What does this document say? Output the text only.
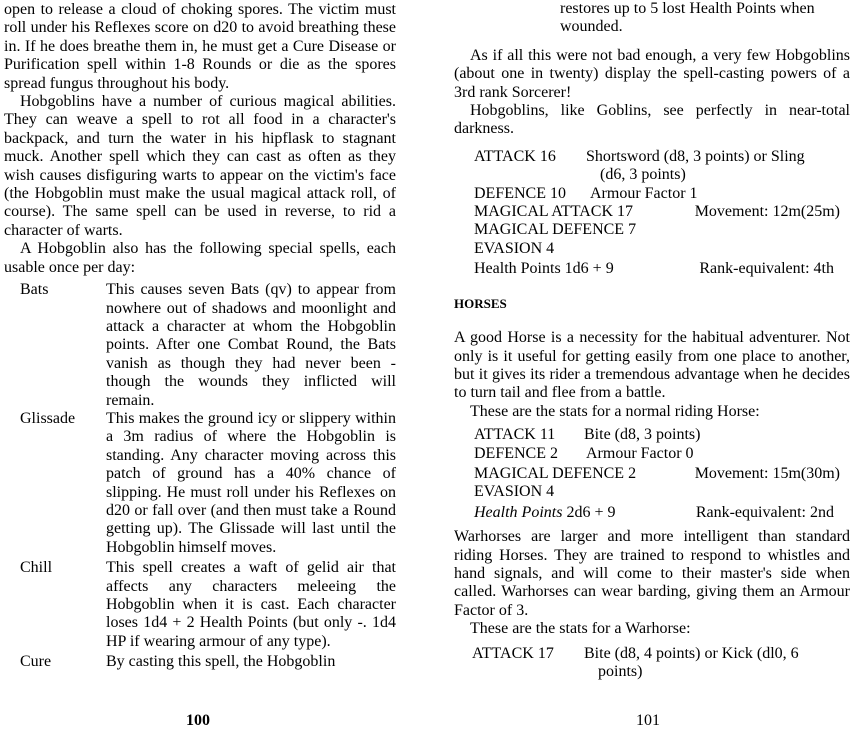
open to release a cloud of choking spores. The victim must roll under his Reflexes score on d20 to avoid breathing these in. If he does breathe them in, he must get a Cure Disease or Purification spell within 1-8 Rounds or die as the spores spread fungus throughout his body.

Hobgoblins have a number of curious magical abilities. They can weave a spell to rot all food in a character's backpack, and turn the water in his hipflask to stagnant muck. Another spell which they can cast as often as they wish causes disfiguring warts to appear on the victim's face (the Hobgoblin must make the usual magical attack roll, of course). The same spell can be used in reverse, to rid a character of warts.

A Hobgoblin also has the following special spells, each usable once per day:

Bats	This causes seven Bats (qv) to appear from nowhere out of shadows and moonlight and attack a character at whom the Hobgoblin points. After one Combat Round, the Bats vanish as though they had never been - though the wounds they inflicted will remain.
Glissade	This makes the ground icy or slippery within a 3m radius of where the Hobgoblin is standing. Any character moving across this patch of ground has a 40% chance of slipping. He must roll under his Reflexes on d20 or fall over (and then must take a Round getting up). The Glissade will last until the Hobgoblin himself moves.
Chill	This spell creates a waft of gelid air that affects any characters meleeing the Hobgoblin when it is cast. Each character loses 1d4 + 2 Health Points (but only -. 1d4 HP if wearing armour of any type).
Cure	By casting this spell, the Hobgoblin
100

restores up to 5 lost Health Points when wounded.

As if all this were not bad enough, a very few Hobgoblins (about one in twenty) display the spell-casting powers of a 3rd rank Sorcerer!

Hobgoblins, like Goblins, see perfectly in near-total darkness.

ATTACK 16	Shortsword (d8, 3 points) or Sling
(d6, 3 points)
DEFENCE 10	Armour Factor 1
MAGICAL ATTACK 17	Movement: 12m(25m)
MAGICAL DEFENCE 7
EVASION 4
Health Points 1d6 + 9	Rank-equivalent: 4th
HORSES

A good Horse is a necessity for the habitual adventurer. Not only is it useful for getting easily from one place to another, but it gives its rider a tremendous advantage when he decides to turn tail and flee from a battle.

These are the stats for a normal riding Horse:

ATTACK 11	Bite (d8, 3 points)
DEFENCE 2	Armour Factor 0
MAGICAL DEFENCE 2	Movement: 15m(30m)
EVASION 4
Health Points 2d6 + 9	Rank-equivalent: 2nd

Warhorses are larger and more intelligent than standard riding Horses. They are trained to respond to whistles and hand signals, and will come to their master's side when called. Warhorses can wear barding, giving them an Armour Factor of 3.

These are the stats for a Warhorse:

ATTACK 17	Bite (d8, 4 points) or Kick (dl0, 6
points)
101
